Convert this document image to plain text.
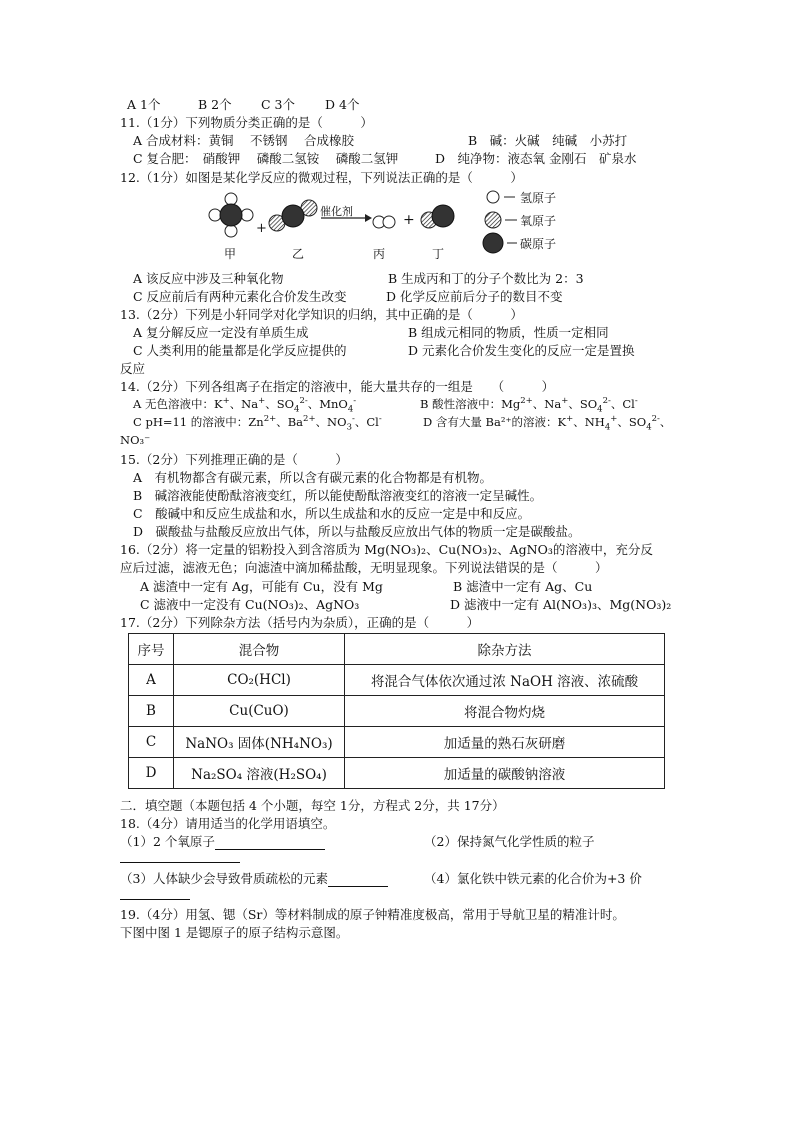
A 1个	B 2个 C 3个 D 4个
11.（1分）下列物质分类正确的是（　　　）
A 合成材料：黄铜　 不锈钢　 合成橡胶	B　碱：火碱　纯碱　小苏打
C 复合肥：　硝酸钾　 磷酸二氢铵　 磷酸二氢钾	D　纯净物：液态氧 金刚石　矿泉水
12.（1分）如图是某化学反应的微观过程，下列说法正确的是（　　　）
+
+
催化剂
甲	乙	丙	丁
氢原子
氧原子
碳原子
A 该反应中涉及三种氧化物	B 生成丙和丁的分子个数比为 2：3
C 反应前后有两种元素化合价发生改变	D 化学反应前后分子的数目不变
13.（2分）下列是小轩同学对化学知识的归纳，其中正确的是（　　　）
A 复分解反应一定没有单质生成	B 组成元相同的物质，性质一定相同
C 人类利用的能量都是化学反应提供的	D 元素化合价发生变化的反应一定是置换
反应
14.（2分）下列各组离子在指定的溶液中，能大量共存的一组是　　（　　　）
A 无色溶液中：K+、Na+、$SO_4^{2-}$、MnO$_4$-	B 酸性溶液中：$Mg^{2+}$、Na+、$SO_4^{2-}$、Cl-
C pH=11 的溶液中：$Zn^{2+}$、$Ba^{2+}$、$NO_3^-$、Cl-	D 含有大量 Ba²⁺的溶液：K+、$NH_4^+$、$SO_4^{2-}$、
NO₃⁻
15.（2分）下列推理正确的是（　　　）
A　有机物都含有碳元素，所以含有碳元素的化合物都是有机物。
B　碱溶液能使酚酞溶液变红，所以能使酚酞溶液变红的溶液一定呈碱性。
C　酸碱中和反应生成盐和水，所以生成盐和水的反应一定是中和反应。
D　碳酸盐与盐酸反应放出气体，所以与盐酸反应放出气体的物质一定是碳酸盐。
16.（2分）将一定量的铝粉投入到含溶质为 Mg(NO₃)₂、Cu(NO₃)₂、AgNO₃的溶液中，充分反
应后过滤，滤液无色；向滤渣中滴加稀盐酸，无明显现象。下列说法错误的是（　　　）
A 滤渣中一定有 Ag，可能有 Cu，没有 Mg	B 滤渣中一定有 Ag、Cu
C 滤液中一定没有 Cu(NO₃)₂、AgNO₃	D 滤液中一定有 Al(NO₃)₃、Mg(NO₃)₂
17.（2分）下列除杂方法（括号内为杂质），正确的是（　　　）
序号	混合物	除杂方法
A	CO₂(HCl)	将混合气体依次通过浓 NaOH 溶液、浓硫酸
B	Cu(CuO)	将混合物灼烧
C	NaNO₃ 固体(NH₄NO₃)	加适量的熟石灰研磨
D	Na₂SO₄ 溶液(H₂SO₄)	加适量的碳酸钠溶液
二．填空题（本题包括 4 个小题，每空 1分，方程式 2分，共 17分）
18.（4分）请用适当的化学用语填空。
（1）2 个氧原子	（2）保持氮气化学性质的粒子
（3）人体缺少会导致骨质疏松的元素	（4）氯化铁中铁元素的化合价为+3 价
19.（4分）用氢、锶（Sr）等材料制成的原子钟精准度极高，常用于导航卫星的精准计时。
下图中图 1 是锶原子的原子结构示意图。
